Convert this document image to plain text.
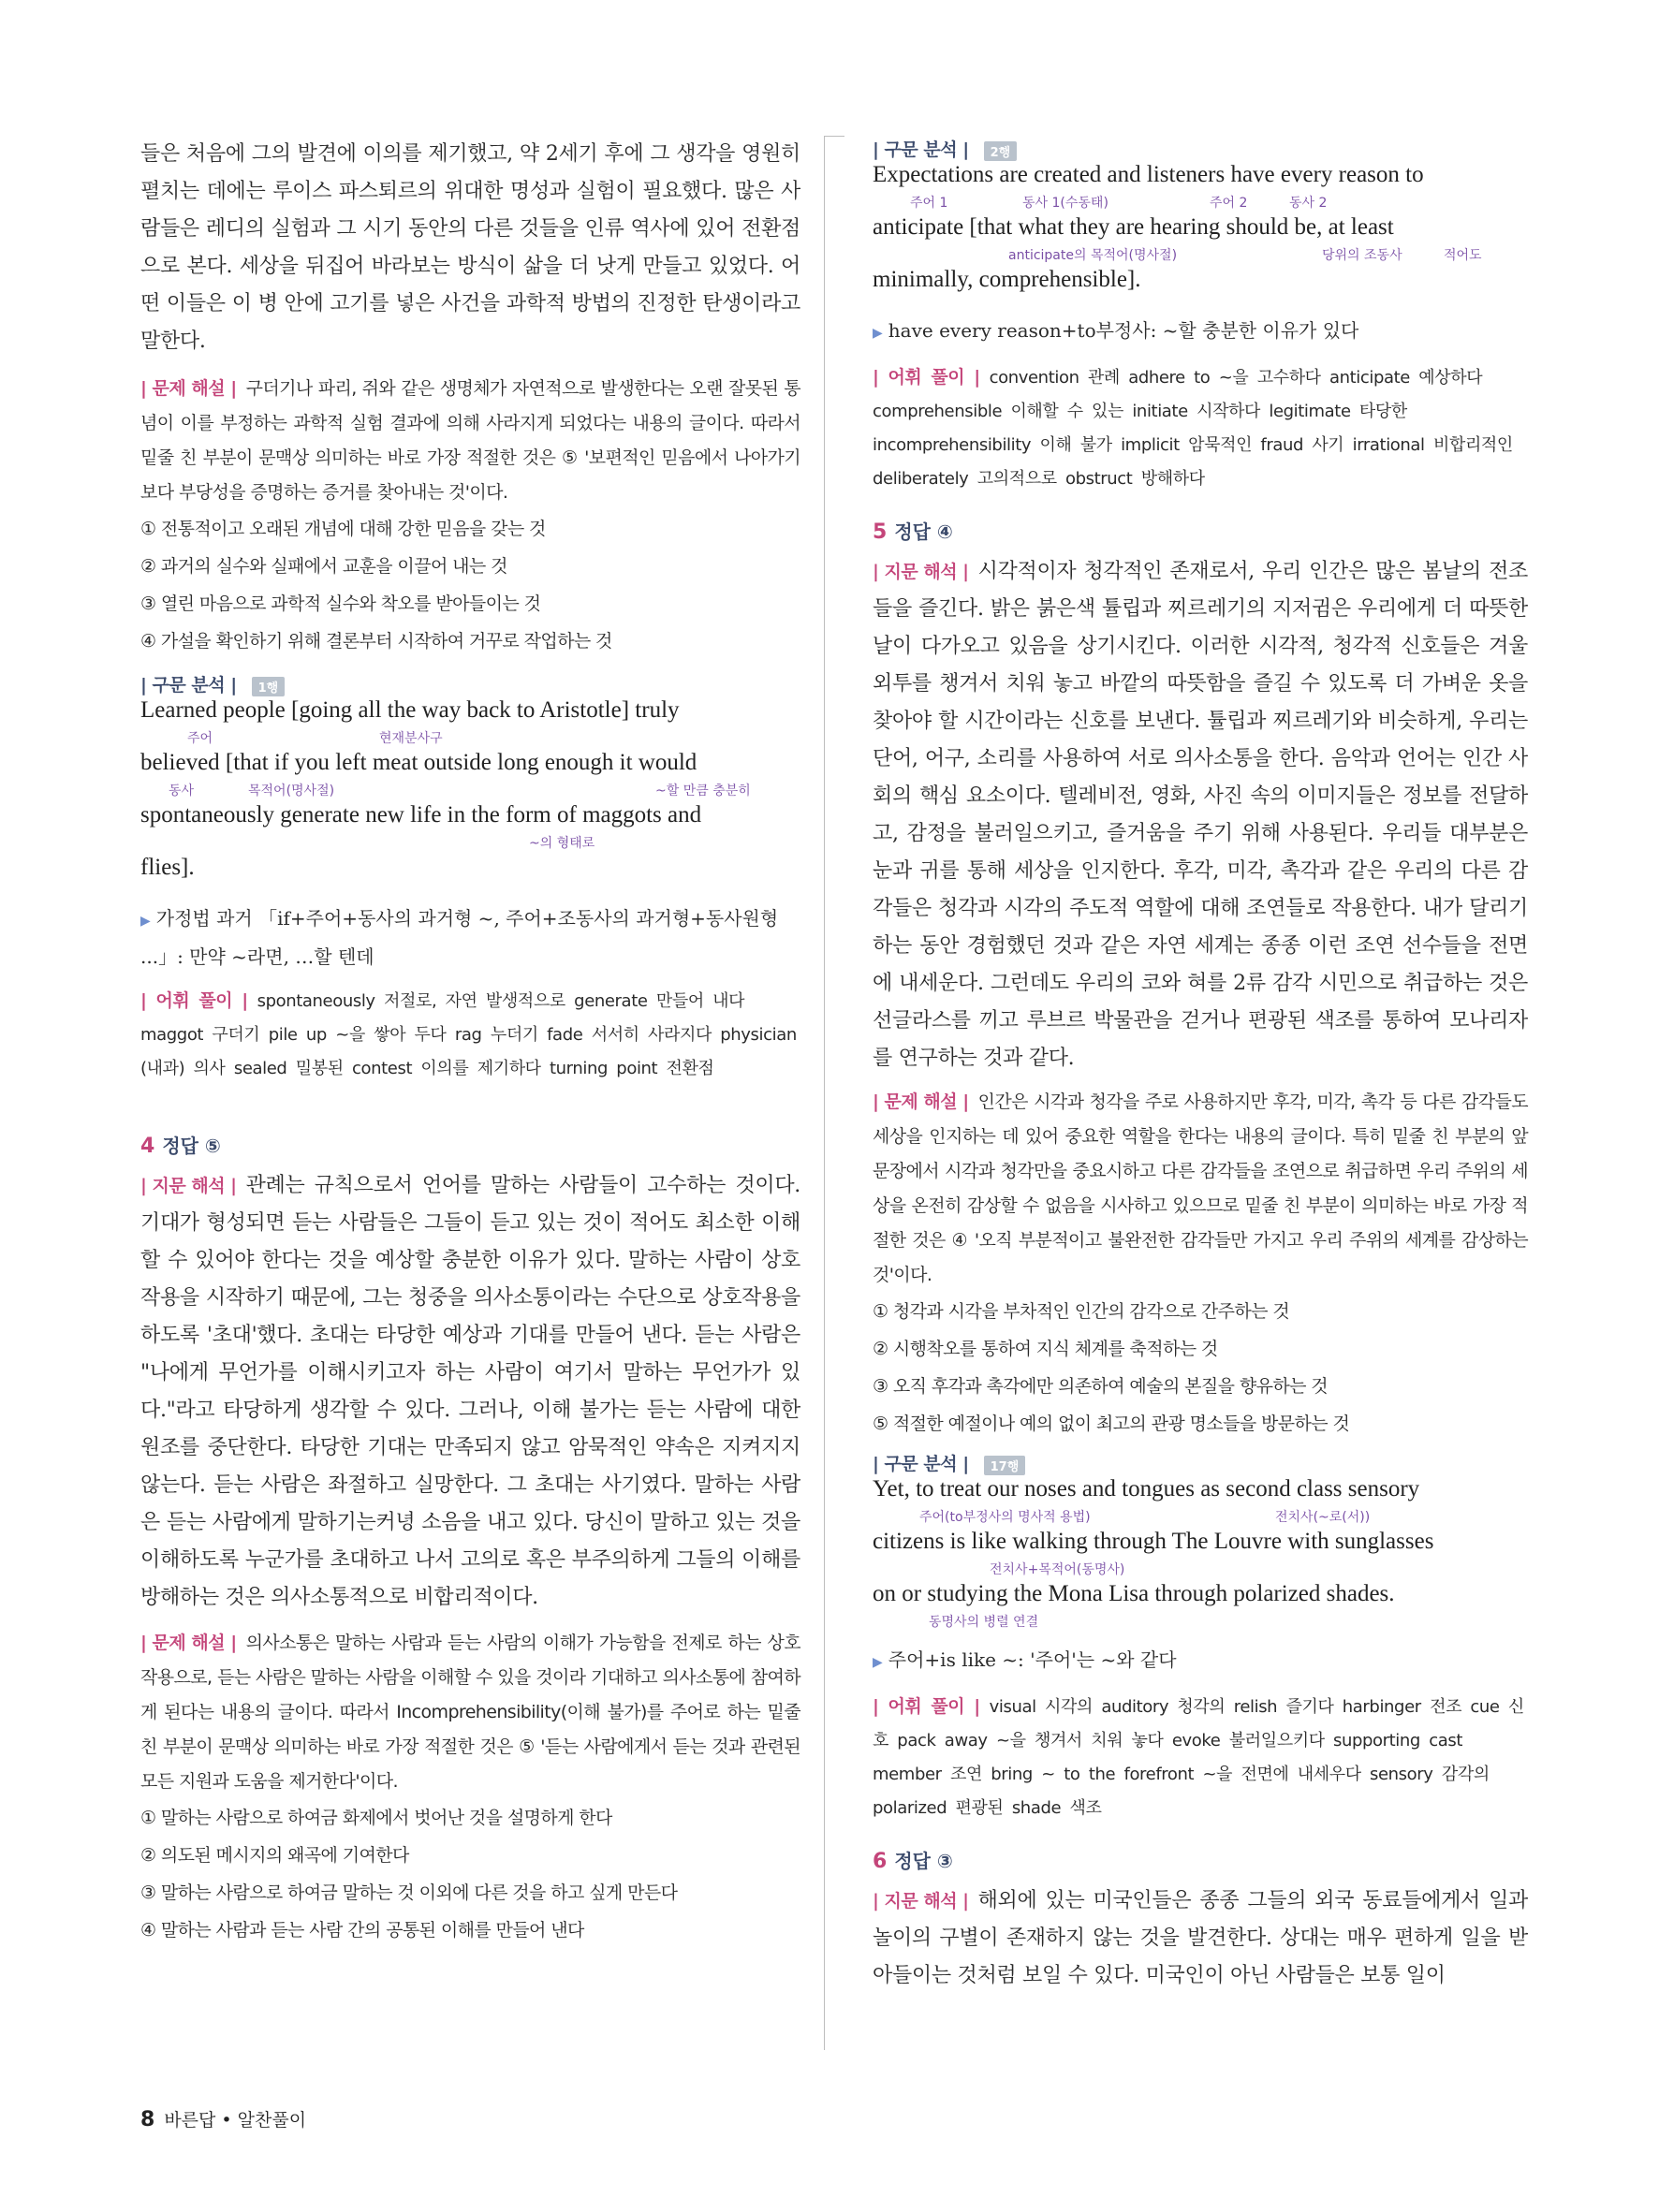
들은 처음에 그의 발견에 이의를 제기했고, 약 2세기 후에 그 생각을 영원히 펼치는 데에는 루이스 파스퇴르의 위대한 명성과 실험이 필요했다. 많은 사람들은 레디의 실험과 그 시기 동안의 다른 것들을 인류 역사에 있어 전환점으로 본다. 세상을 뒤집어 바라보는 방식이 삶을 더 낫게 만들고 있었다. 어떤 이들은 이 병 안에 고기를 넣은 사건을 과학적 방법의 진정한 탄생이라고 말한다.

| 문제 해설 | 구더기나 파리, 쥐와 같은 생명체가 자연적으로 발생한다는 오랜 잘못된 통념이 이를 부정하는 과학적 실험 결과에 의해 사라지게 되었다는 내용의 글이다. 따라서 밑줄 친 부분이 문맥상 의미하는 바로 가장 적절한 것은 ⑤ '보편적인 믿음에서 나아가기보다 부당성을 증명하는 증거를 찾아내는 것'이다.

① 전통적이고 오래된 개념에 대해 강한 믿음을 갖는 것

② 과거의 실수와 실패에서 교훈을 이끌어 내는 것

③ 열린 마음으로 과학적 실수와 착오를 받아들이는 것

④ 가설을 확인하기 위해 결론부터 시작하여 거꾸로 작업하는 것

| 구문 분석 | 1행

Learned people [going all the way back to Aristotle] truly

주어	현재분사구

believed [that if you left meat outside long enough it would

동사	목적어(명사절)	~할 만큼 충분히

spontaneously generate new life in the form of maggots and

~의 형태로

flies].

▶ 가정법 과거 「if+주어+동사의 과거형 ~, 주어+조동사의 과거형+동사원형 ...」: 만약 ~라면, …할 텐데

| 어휘 풀이 | spontaneously 저절로, 자연 발생적으로 generate 만들어 내다 maggot 구더기 pile up ~을 쌓아 두다 rag 누더기 fade 서서히 사라지다 physician (내과) 의사 sealed 밀봉된 contest 이의를 제기하다 turning point 전환점

4 정답 ⑤

| 지문 해석 | 관례는 규칙으로서 언어를 말하는 사람들이 고수하는 것이다. 기대가 형성되면 듣는 사람들은 그들이 듣고 있는 것이 적어도 최소한 이해할 수 있어야 한다는 것을 예상할 충분한 이유가 있다. 말하는 사람이 상호작용을 시작하기 때문에, 그는 청중을 의사소통이라는 수단으로 상호작용을 하도록 '초대'했다. 초대는 타당한 예상과 기대를 만들어 낸다. 듣는 사람은 "나에게 무언가를 이해시키고자 하는 사람이 여기서 말하는 무언가가 있다."라고 타당하게 생각할 수 있다. 그러나, 이해 불가는 듣는 사람에 대한 원조를 중단한다. 타당한 기대는 만족되지 않고 암묵적인 약속은 지켜지지 않는다. 듣는 사람은 좌절하고 실망한다. 그 초대는 사기였다. 말하는 사람은 듣는 사람에게 말하기는커녕 소음을 내고 있다. 당신이 말하고 있는 것을 이해하도록 누군가를 초대하고 나서 고의로 혹은 부주의하게 그들의 이해를 방해하는 것은 의사소통적으로 비합리적이다.

| 문제 해설 | 의사소통은 말하는 사람과 듣는 사람의 이해가 가능함을 전제로 하는 상호작용으로, 듣는 사람은 말하는 사람을 이해할 수 있을 것이라 기대하고 의사소통에 참여하게 된다는 내용의 글이다. 따라서 Incomprehensibility(이해 불가)를 주어로 하는 밑줄 친 부분이 문맥상 의미하는 바로 가장 적절한 것은 ⑤ '듣는 사람에게서 듣는 것과 관련된 모든 지원과 도움을 제거한다'이다.

① 말하는 사람으로 하여금 화제에서 벗어난 것을 설명하게 한다

② 의도된 메시지의 왜곡에 기여한다

③ 말하는 사람으로 하여금 말하는 것 이외에 다른 것을 하고 싶게 만든다

④ 말하는 사람과 듣는 사람 간의 공통된 이해를 만들어 낸다

| 구문 분석 | 2행

Expectations are created and listeners have every reason to

주어 1	동사 1(수동태)	주어 2	동사 2

anticipate [that what they are hearing should be, at least

anticipate의 목적어(명사절)	당위의 조동사	적어도

minimally, comprehensible].

▶ have every reason+to부정사: ~할 충분한 이유가 있다

| 어휘 풀이 | convention 관례 adhere to ~을 고수하다 anticipate 예상하다 comprehensible 이해할 수 있는 initiate 시작하다 legitimate 타당한 incomprehensibility 이해 불가 implicit 암묵적인 fraud 사기 irrational 비합리적인 deliberately 고의적으로 obstruct 방해하다

5 정답 ④

| 지문 해석 | 시각적이자 청각적인 존재로서, 우리 인간은 많은 봄날의 전조들을 즐긴다. 밝은 붉은색 튤립과 찌르레기의 지저귐은 우리에게 더 따뜻한 날이 다가오고 있음을 상기시킨다. 이러한 시각적, 청각적 신호들은 겨울 외투를 챙겨서 치워 놓고 바깥의 따뜻함을 즐길 수 있도록 더 가벼운 옷을 찾아야 할 시간이라는 신호를 보낸다. 튤립과 찌르레기와 비슷하게, 우리는 단어, 어구, 소리를 사용하여 서로 의사소통을 한다. 음악과 언어는 인간 사회의 핵심 요소이다. 텔레비전, 영화, 사진 속의 이미지들은 정보를 전달하고, 감정을 불러일으키고, 즐거움을 주기 위해 사용된다. 우리들 대부분은 눈과 귀를 통해 세상을 인지한다. 후각, 미각, 촉각과 같은 우리의 다른 감각들은 청각과 시각의 주도적 역할에 대해 조연들로 작용한다. 내가 달리기하는 동안 경험했던 것과 같은 자연 세계는 종종 이런 조연 선수들을 전면에 내세운다. 그런데도 우리의 코와 혀를 2류 감각 시민으로 취급하는 것은 선글라스를 끼고 루브르 박물관을 걷거나 편광된 색조를 통하여 모나리자를 연구하는 것과 같다.

| 문제 해설 | 인간은 시각과 청각을 주로 사용하지만 후각, 미각, 촉각 등 다른 감각들도 세상을 인지하는 데 있어 중요한 역할을 한다는 내용의 글이다. 특히 밑줄 친 부분의 앞 문장에서 시각과 청각만을 중요시하고 다른 감각들을 조연으로 취급하면 우리 주위의 세상을 온전히 감상할 수 없음을 시사하고 있으므로 밑줄 친 부분이 의미하는 바로 가장 적절한 것은 ④ '오직 부분적이고 불완전한 감각들만 가지고 우리 주위의 세계를 감상하는 것'이다.

① 청각과 시각을 부차적인 인간의 감각으로 간주하는 것

② 시행착오를 통하여 지식 체계를 축적하는 것

③ 오직 후각과 촉각에만 의존하여 예술의 본질을 향유하는 것

⑤ 적절한 예절이나 예의 없이 최고의 관광 명소들을 방문하는 것

| 구문 분석 | 17행

Yet, to treat our noses and tongues as second class sensory

주어(to부정사의 명사적 용법)	전치사(~로(서))

citizens is like walking through The Louvre with sunglasses

전치사+목적어(동명사)

on or studying the Mona Lisa through polarized shades.

동명사의 병렬 연결

▶ 주어+is like ~: '주어'는 ~와 같다

| 어휘 풀이 | visual 시각의 auditory 청각의 relish 즐기다 harbinger 전조 cue 신호 pack away ~을 챙겨서 치워 놓다 evoke 불러일으키다 supporting cast member 조연 bring ~ to the forefront ~을 전면에 내세우다 sensory 감각의 polarized 편광된 shade 색조

6 정답 ③

| 지문 해석 | 해외에 있는 미국인들은 종종 그들의 외국 동료들에게서 일과 놀이의 구별이 존재하지 않는 것을 발견한다. 상대는 매우 편하게 일을 받아들이는 것처럼 보일 수 있다. 미국인이 아닌 사람들은 보통 일이

8 바른답 • 알찬풀이
